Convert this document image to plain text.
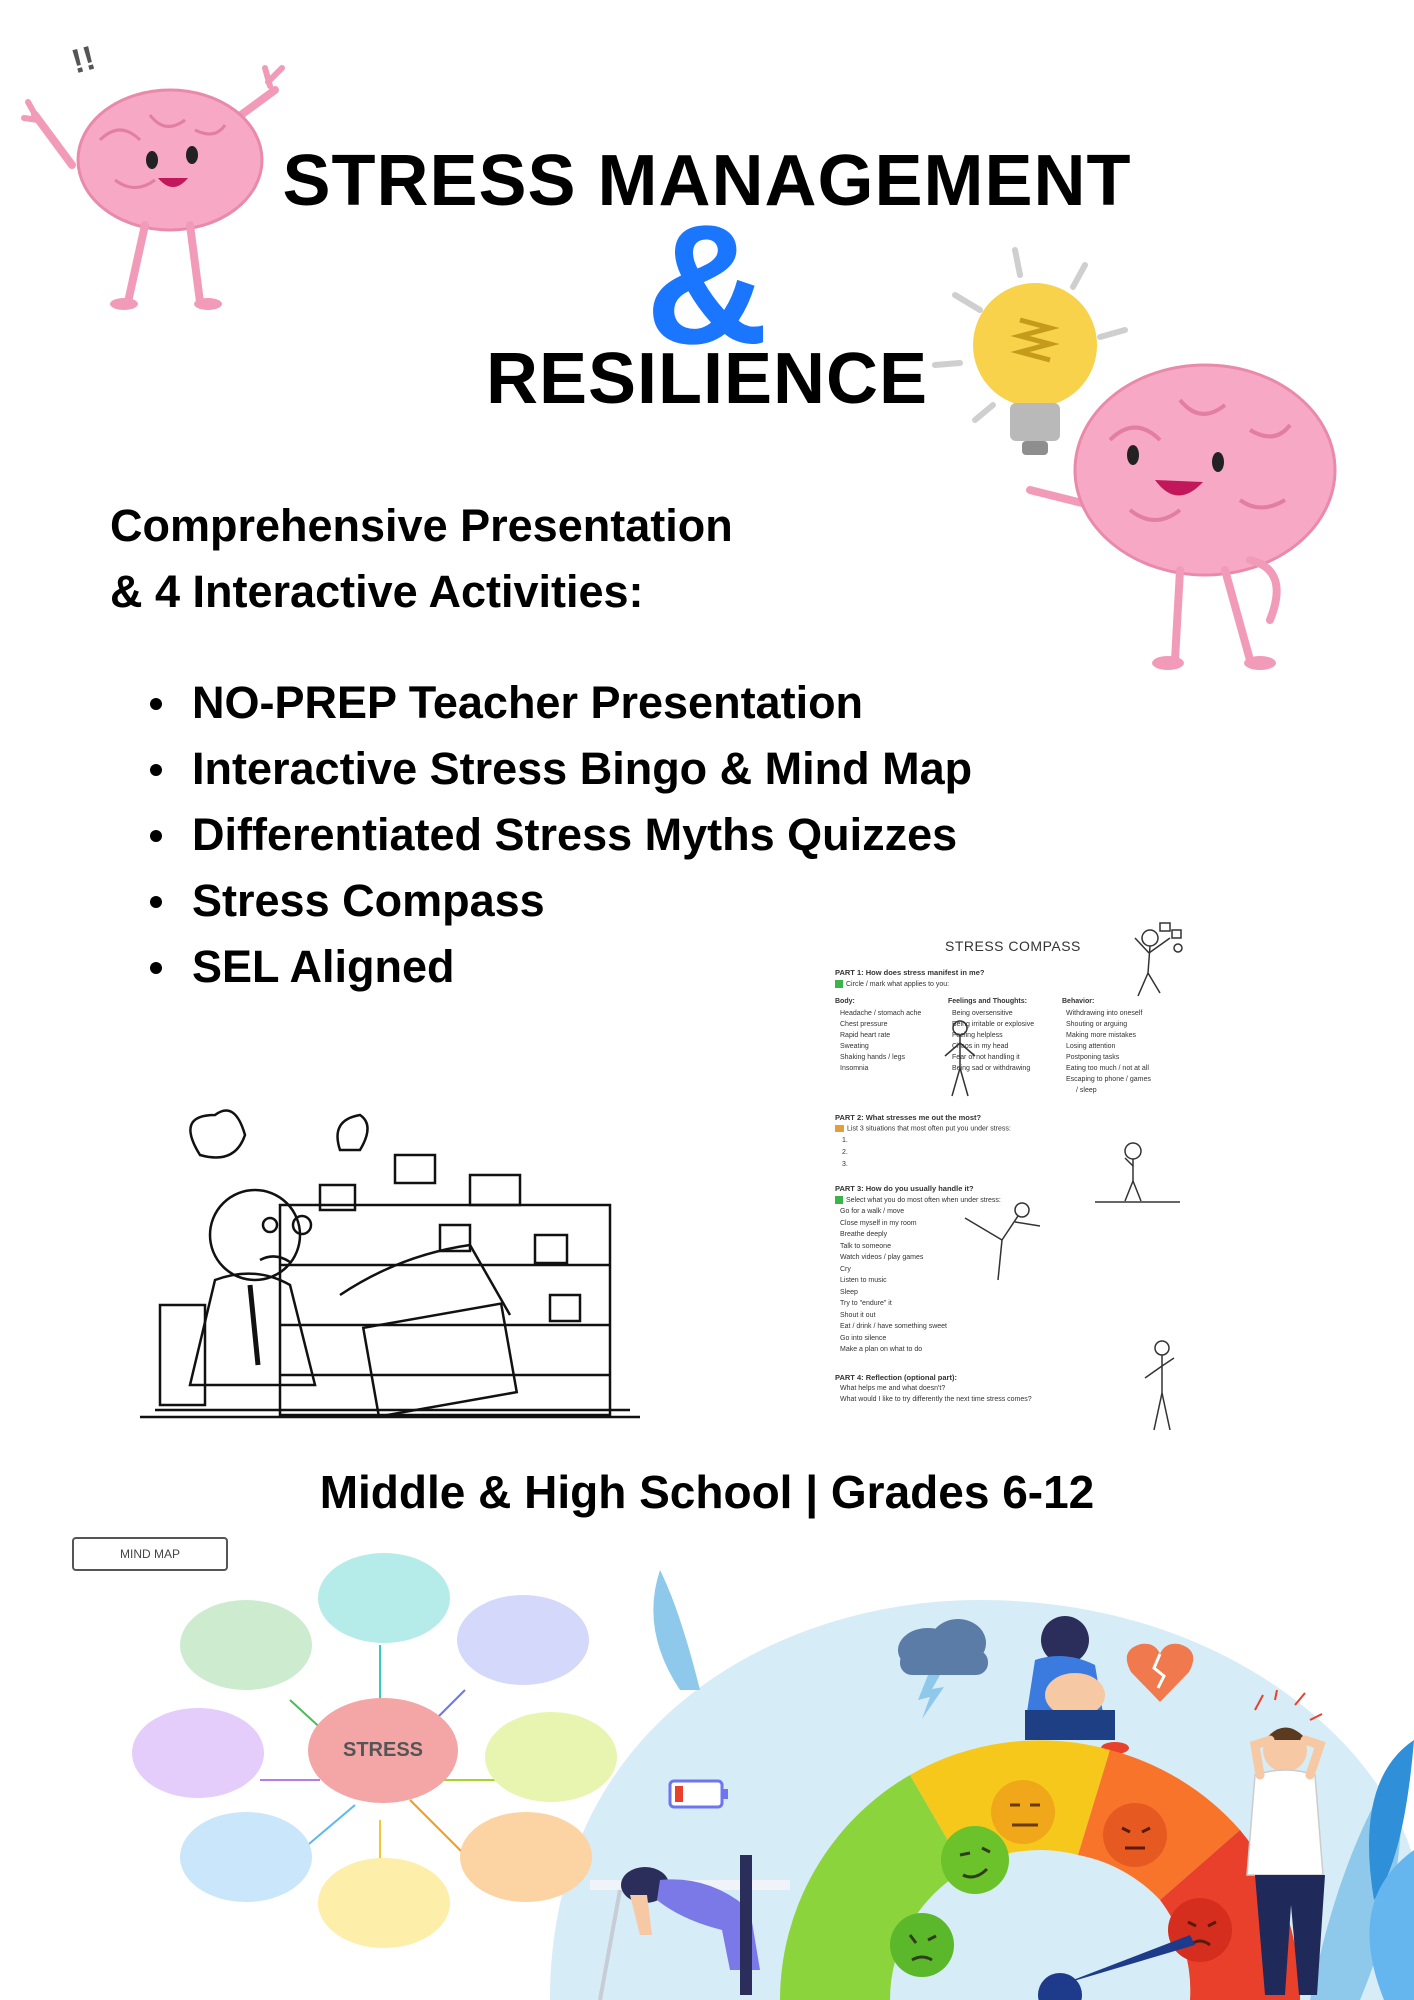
!!
STRESS MANAGEMENT
&
RESILIENCE
Comprehensive Presentation
& 4 Interactive Activities:
NO-PREP Teacher Presentation
Interactive Stress Bingo & Mind Map
Differentiated Stress Myths Quizzes
Stress Compass
SEL Aligned	STRESS COMPASS
PART 1: How does stress manifest in me?
Circle / mark what applies to you:
Body:
Headache / stomach ache
Chest pressure
Rapid heart rate
Sweating
Shaking hands / legs
Insomnia
Feelings and Thoughts:
Being oversensitive
Being irritable or explosive
Feeling helpless
Chaos in my head
Fear of not handling it
Being sad or withdrawing
Behavior:
Withdrawing into oneself
Shouting or arguing
Making more mistakes
Losing attention
Postponing tasks
Eating too much / not at all
Escaping to phone / games
/ sleep
PART 2: What stresses me out the most?
List 3 situations that most often put you under stress:
1.
2.
3.
PART 3: How do you usually handle it?
Select what you do most often when under stress:
Go for a walk / move
Close myself in my room
Breathe deeply
Talk to someone
Watch videos / play games
Cry
Listen to music
Sleep
Try to "endure" it
Shout it out
Eat / drink / have something sweet
Go into silence
Make a plan on what to do
PART 4: Reflection (optional part):
What helps me and what doesn't?
What would I like to try differently the next time stress comes?
Middle & High School | Grades 6-12
MIND MAP
STRESS
